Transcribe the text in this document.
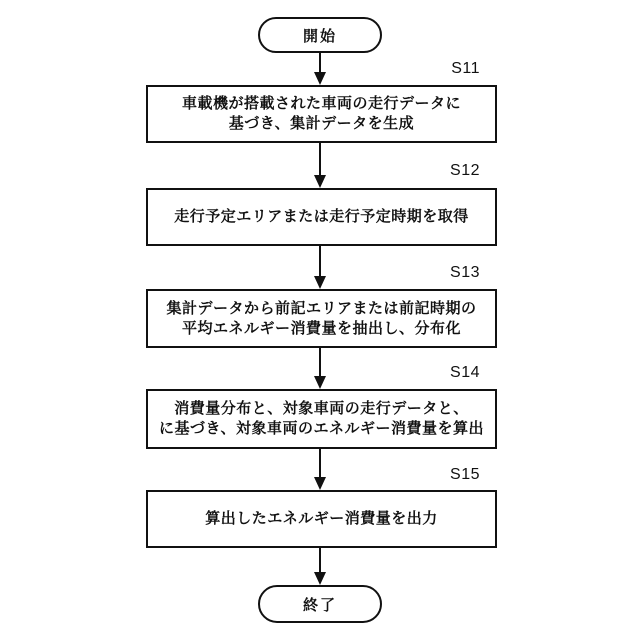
開始
S11
車載機が搭載された車両の走行データに
基づき、集計データを生成
S12
走行予定エリアまたは走行予定時期を取得
S13
集計データから前記エリアまたは前記時期の
平均エネルギー消費量を抽出し、分布化
S14
消費量分布と、対象車両の走行データと、
に基づき、対象車両のエネルギー消費量を算出
S15
算出したエネルギー消費量を出力
終了
